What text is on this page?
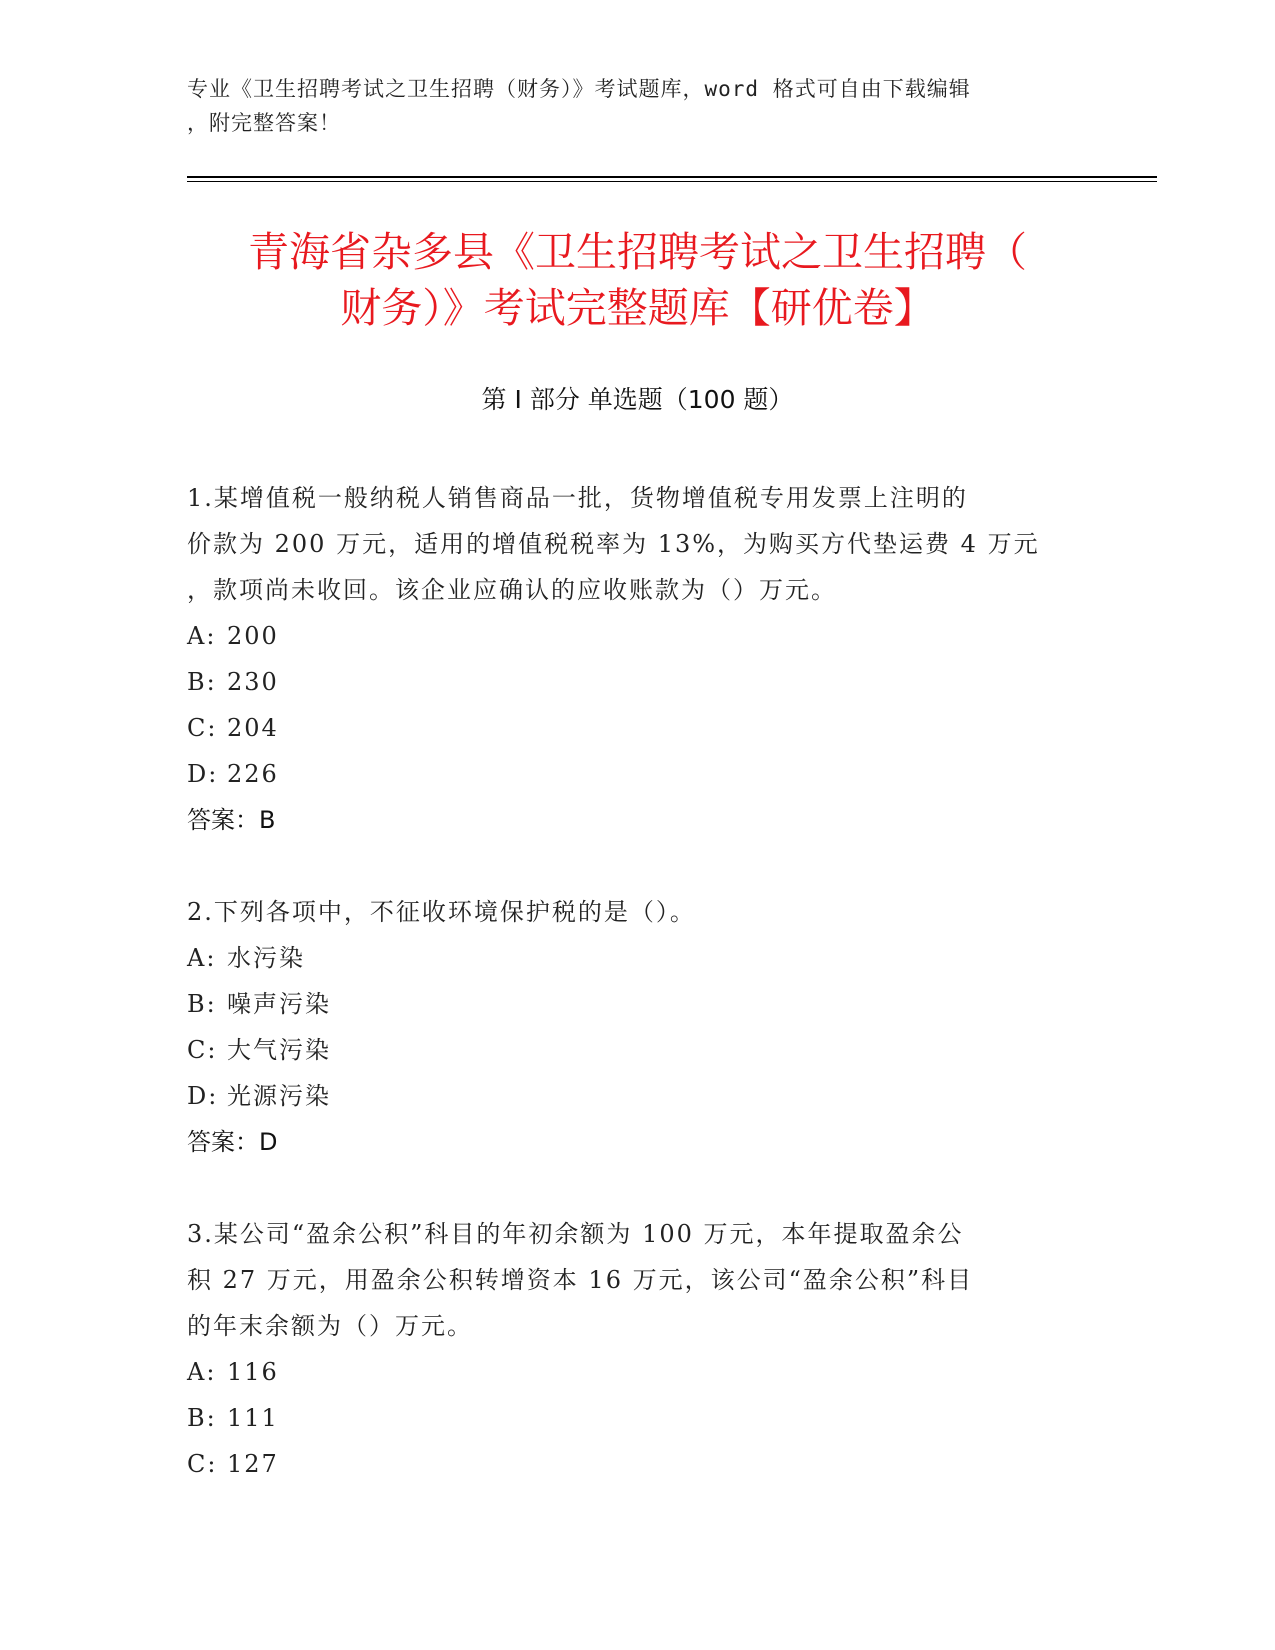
专业《卫生招聘考试之卫生招聘（财务）》考试题库，word 格式可自由下载编辑
，附完整答案！
青海省杂多县《卫生招聘考试之卫生招聘（
财务）》考试完整题库【研优卷】
第 I 部分 单选题（100 题）

1.某增值税一般纳税人销售商品一批，货物增值税专用发票上注明的

价款为 200 万元，适用的增值税税率为 13%，为购买方代垫运费 4 万元

，款项尚未收回。该企业应确认的应收账款为（）万元。

A: 200

B: 230

C: 204

D: 226

答案：B

2.下列各项中，不征收环境保护税的是（）。

A: 水污染

B: 噪声污染

C: 大气污染

D: 光源污染

答案：D

3.某公司“盈余公积”科目的年初余额为 100 万元，本年提取盈余公

积 27 万元，用盈余公积转增资本 16 万元，该公司“盈余公积”科目

的年末余额为（）万元。

A: 116

B: 111

C: 127
